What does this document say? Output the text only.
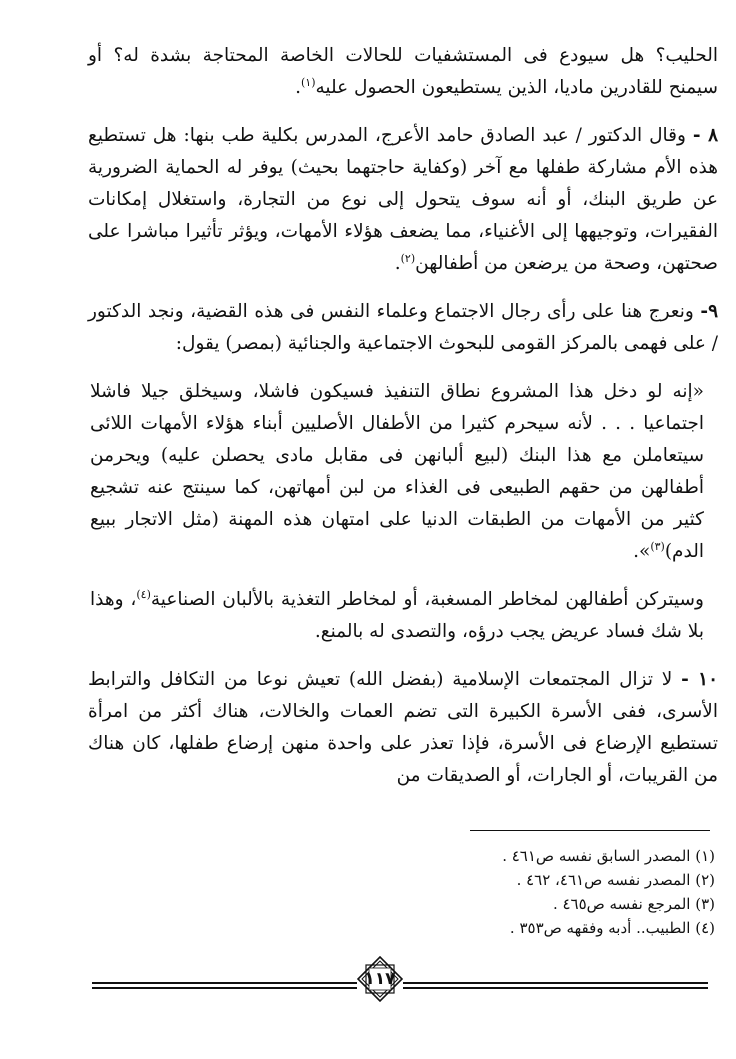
الحليب؟ هل سيودع فى المستشفيات للحالات الخاصة المحتاجة بشدة له؟ أو سيمنح للقادرين ماديا، الذين يستطيعون الحصول عليه$^{(١)}$.

٨ - وقال الدكتور / عبد الصادق حامد الأعرج، المدرس بكلية طب بنها: هل تستطيع هذه الأم مشاركة طفلها مع آخر (وكفاية حاجتهما بحيث) يوفر له الحماية الضرورية عن طريق البنك، أو أنه سوف يتحول إلى نوع من التجارة، واستغلال إمكانات الفقيرات، وتوجيهها إلى الأغنياء، مما يضعف هؤلاء الأمهات، ويؤثر تأثيرا مباشرا على صحتهن، وصحة من يرضعن من أطفالهن$^{(٢)}$.

٩- ونعرج هنا على رأى رجال الاجتماع وعلماء النفس فى هذه القضية، ونجد الدكتور / على فهمى بالمركز القومى للبحوث الاجتماعية والجنائية (بمصر) يقول:

«إنه لو دخل هذا المشروع نطاق التنفيذ فسيكون فاشلا، وسيخلق جيلا فاشلا اجتماعيا . . . لأنه سيحرم كثيرا من الأطفال الأصليين أبناء هؤلاء الأمهات اللائى سيتعاملن مع هذا البنك (لبيع ألبانهن فى مقابل مادى يحصلن عليه) ويحرمن أطفالهن من حقهم الطبيعى فى الغذاء من لبن أمهاتهن، كما سينتج عنه تشجيع كثير من الأمهات من الطبقات الدنيا على امتهان هذه المهنة (مثل الاتجار ببيع الدم)$^{(٣)}$».

وسيتركن أطفالهن لمخاطر المسغبة، أو لمخاطر التغذية بالألبان الصناعية$^{(٤)}$، وهذا بلا شك فساد عريض يجب درؤه، والتصدى له بالمنع.

١٠ - لا تزال المجتمعات الإسلامية (بفضل الله) تعيش نوعا من التكافل والترابط الأسرى، ففى الأسرة الكبيرة التى تضم العمات والخالات، هناك أكثر من امرأة تستطيع الإرضاع فى الأسرة، فإذا تعذر على واحدة منهن إرضاع طفلها، كان هناك من القريبات، أو الجارات، أو الصديقات من

(١) المصدر السابق نفسه ص٤٦١ .

(٢) المصدر نفسه ص٤٦١، ٤٦٢ .

(٣) المرجع نفسه ص٤٦٥ .

(٤) الطبيب.. أدبه وفقهه ص٣٥٣ .

١١٧
